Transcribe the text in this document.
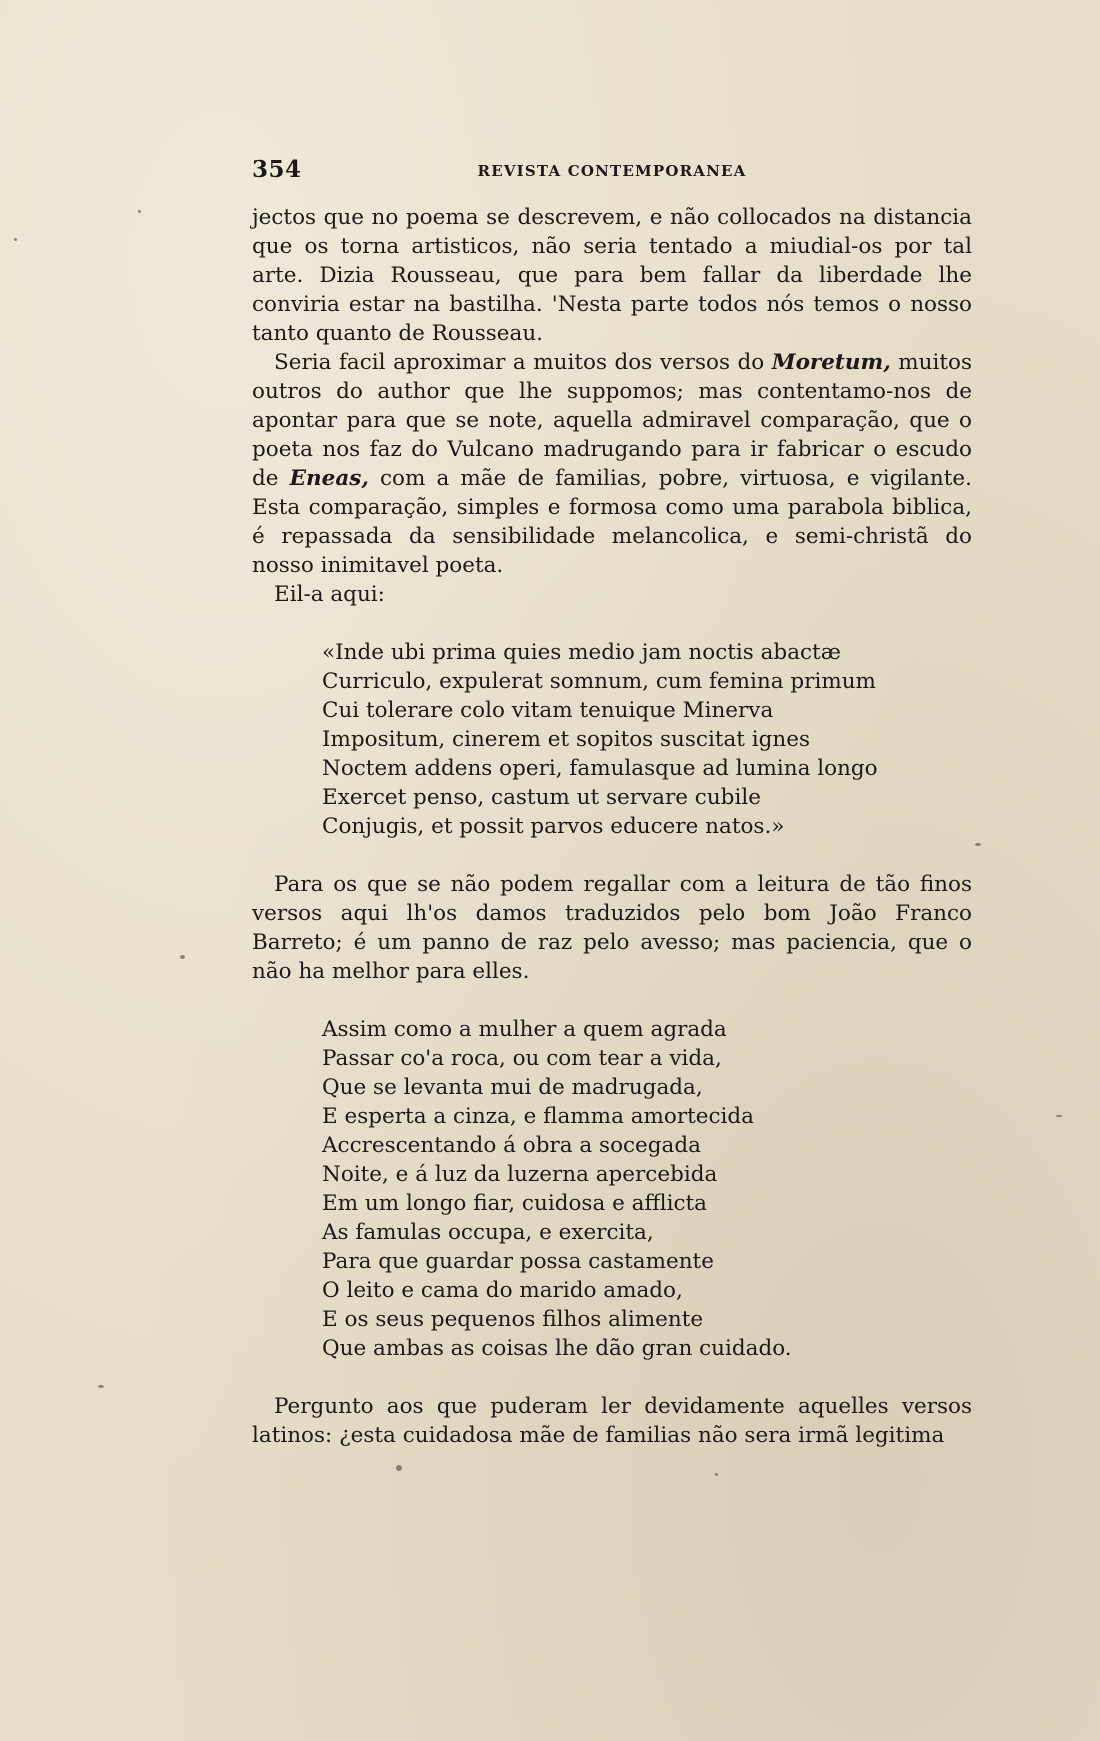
354	REVISTA CONTEMPORANEA

jectos que no poema se descrevem, e não collocados na distancia que os torna artisticos, não seria tentado a miudial-os por tal arte. Dizia Rousseau, que para bem fallar da liberdade lhe conviria estar na bastilha. 'Nesta parte todos nós temos o nosso tanto quanto de Rousseau.

Seria facil aproximar a muitos dos versos do Moretum, muitos outros do author que lhe suppomos; mas contentamo-nos de apontar para que se note, aquella admiravel comparação, que o poeta nos faz do Vulcano madrugando para ir fabricar o escudo de Eneas, com a mãe de familias, pobre, virtuosa, e vigilante. Esta comparação, simples e formosa como uma parabola biblica, é repassada da sensibilidade melancolica, e semi-christã do nosso inimitavel poeta.

Eil-a aqui:

«Inde ubi prima quies medio jam noctis abactæ
Curriculo, expulerat somnum, cum femina primum
Cui tolerare colo vitam tenuique Minerva
Impositum, cinerem et sopitos suscitat ignes
Noctem addens operi, famulasque ad lumina longo
Exercet penso, castum ut servare cubile
Conjugis, et possit parvos educere natos.»

Para os que se não podem regallar com a leitura de tão finos versos aqui lh'os damos traduzidos pelo bom João Franco Barreto; é um panno de raz pelo avesso; mas paciencia, que o não ha melhor para elles.

Assim como a mulher a quem agrada
Passar co'a roca, ou com tear a vida,
Que se levanta mui de madrugada,
E esperta a cinza, e flamma amortecida
Accrescentando á obra a socegada
Noite, e á luz da luzerna apercebida
Em um longo fiar, cuidosa e afflicta
As famulas occupa, e exercita,
Para que guardar possa castamente
O leito e cama do marido amado,
E os seus pequenos filhos alimente
Que ambas as coisas lhe dão gran cuidado.

Pergunto aos que puderam ler devidamente aquelles versos latinos: ¿esta cuidadosa mãe de familias não sera irmã legitima
